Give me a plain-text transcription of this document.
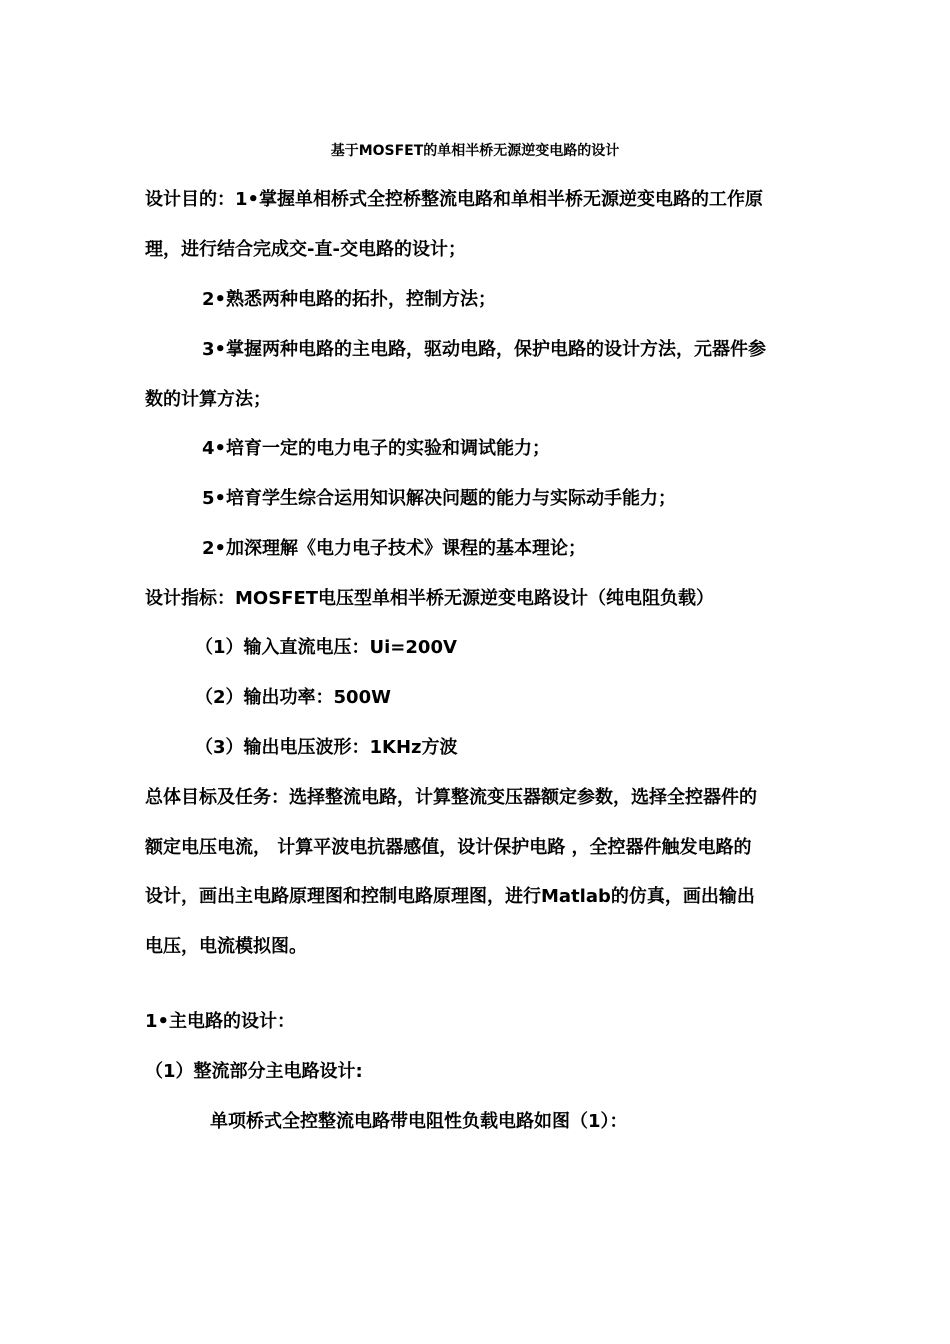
基于MOSFET的单相半桥无源逆变电路的设计
设计目的：1•掌握单相桥式全控桥整流电路和单相半桥无源逆变电路的工作原
理，进行结合完成交-直-交电路的设计；
2•熟悉两种电路的拓扑，控制方法；
3•掌握两种电路的主电路，驱动电路，保护电路的设计方法，元器件参
数的计算方法；
4•培育一定的电力电子的实验和调试能力；
5•培育学生综合运用知识解决问题的能力与实际动手能力；
2•加深理解《电力电子技术》课程的基本理论；
设计指标：MOSFET电压型单相半桥无源逆变电路设计（纯电阻负载）
（1）输入直流电压：Ui=200V
（2）输出功率：500W
（3）输出电压波形：1KHz方波
总体目标及任务：选择整流电路，计算整流变压器额定参数，选择全控器件的
额定电压电流， 计算平波电抗器感值，设计保护电路 ，全控器件触发电路的
设计，画出主电路原理图和控制电路原理图，进行Matlab的仿真，画出输出
电压，电流模拟图。
1•主电路的设计：
（1）整流部分主电路设计:
单项桥式全控整流电路带电阻性负载电路如图（1）：
